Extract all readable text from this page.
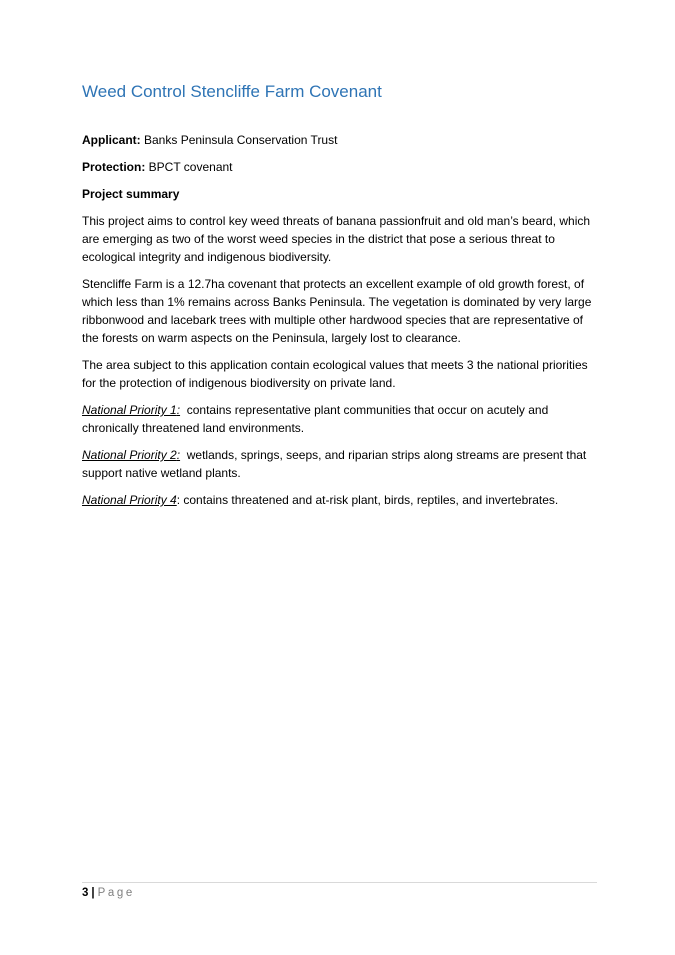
Weed Control Stencliffe Farm Covenant
Applicant: Banks Peninsula Conservation Trust
Protection: BPCT covenant
Project summary

This project aims to control key weed threats of banana passionfruit and old man’s beard, which are emerging as two of the worst weed species in the district that pose a serious threat to ecological integrity and indigenous biodiversity.

Stencliffe Farm is a 12.7ha covenant that protects an excellent example of old growth forest, of which less than 1% remains across Banks Peninsula. The vegetation is dominated by very large ribbonwood and lacebark trees with multiple other hardwood species that are representative of the forests on warm aspects on the Peninsula, largely lost to clearance.

The area subject to this application contain ecological values that meets 3 the national priorities for the protection of indigenous biodiversity on private land.

National Priority 1:  contains representative plant communities that occur on acutely and chronically threatened land environments.

National Priority 2:  wetlands, springs, seeps, and riparian strips along streams are present that support native wetland plants.

National Priority 4: contains threatened and at-risk plant, birds, reptiles, and invertebrates.

3 | Page
